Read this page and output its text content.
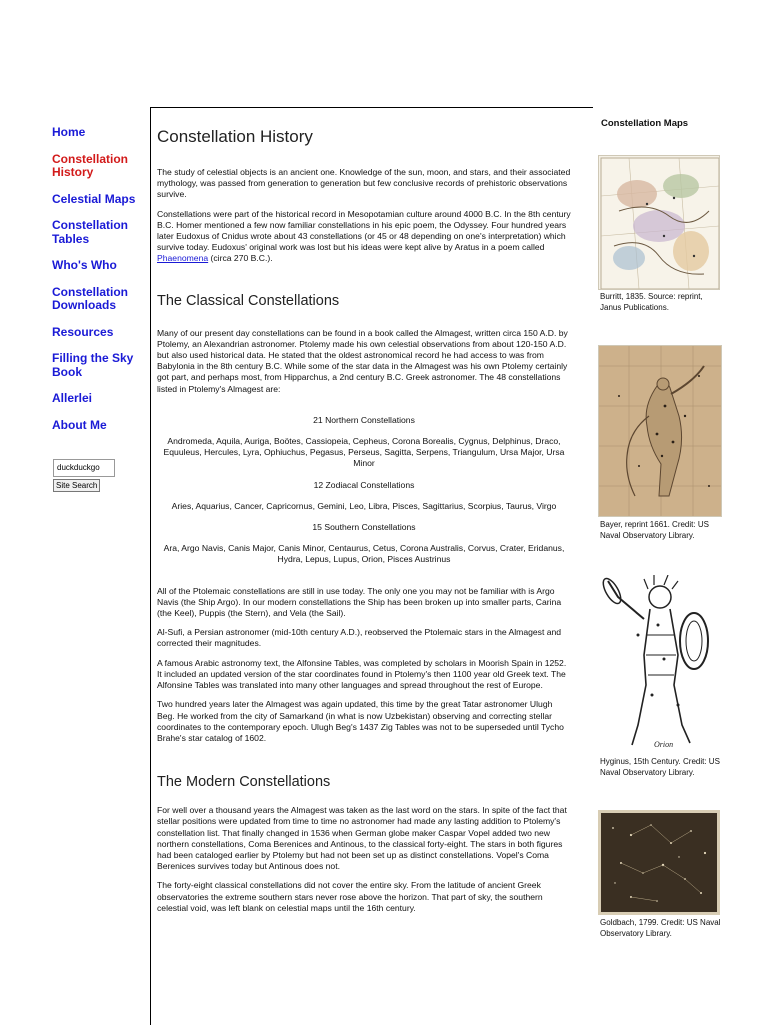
Home
Constellation History
Celestial Maps
Constellation Tables
Who's Who
Constellation Downloads
Resources
Filling the Sky Book
Allerlei
About Me
duckduckgo
Site Search
Constellation History

The study of celestial objects is an ancient one. Knowledge of the sun, moon, and stars, and their associated mythology, was passed from generation to generation but few conclusive records of prehistoric observations survive.

Constellations were part of the historical record in Mesopotamian culture around 4000 B.C. In the 8th century B.C. Homer mentioned a few now familiar constellations in his epic poem, the Odyssey. Four hundred years later Eudoxus of Cnidus wrote about 43 constellations (or 45 or 48 depending on one's interpretation) which survive today. Eudoxus' original work was lost but his ideas were kept alive by Aratus in a poem called Phaenomena (circa 270 B.C.).

The Classical Constellations

Many of our present day constellations can be found in a book called the Almagest, written circa 150 A.D. by Ptolemy, an Alexandrian astronomer. Ptolemy made his own celestial observations from about 120-150 A.D. but also used historical data. He stated that the oldest astronomical record he had access to was from Babylonia in the 8th century B.C. While some of the star data in the Almagest was his own Ptolemy certainly got part, and perhaps most, from Hipparchus, a 2nd century B.C. Greek astronomer. The 48 constellations listed in Ptolemy's Almagest are:

21 Northern Constellations

Andromeda, Aquila, Auriga, Boötes, Cassiopeia, Cepheus, Corona Borealis, Cygnus, Delphinus, Draco, Equuleus, Hercules, Lyra, Ophiuchus, Pegasus, Perseus, Sagitta, Serpens, Triangulum, Ursa Major, Ursa Minor

12 Zodiacal Constellations

Aries, Aquarius, Cancer, Capricornus, Gemini, Leo, Libra, Pisces, Sagittarius, Scorpius, Taurus, Virgo

15 Southern Constellations

Ara, Argo Navis, Canis Major, Canis Minor, Centaurus, Cetus, Corona Australis, Corvus, Crater, Eridanus, Hydra, Lepus, Lupus, Orion, Pisces Austrinus

All of the Ptolemaic constellations are still in use today. The only one you may not be familiar with is Argo Navis (the Ship Argo). In our modern constellations the Ship has been broken up into smaller parts, Carina (the Keel), Puppis (the Stern), and Vela (the Sail).

Al-Sufi, a Persian astronomer (mid-10th century A.D.), reobserved the Ptolemaic stars in the Almagest and corrected their magnitudes.

A famous Arabic astronomy text, the Alfonsine Tables, was completed by scholars in Moorish Spain in 1252. It included an updated version of the star coordinates found in Ptolemy's then 1100 year old Greek text. The Alfonsine Tables was translated into many other languages and spread throughout the rest of Europe.

Two hundred years later the Almagest was again updated, this time by the great Tatar astronomer Ulugh Beg. He worked from the city of Samarkand (in what is now Uzbekistan) observing and correcting stellar coordinates to the contemporary epoch. Ulugh Beg's 1437 Zig Tables was not to be superseded until Tycho Brahe's star catalog of 1602.

The Modern Constellations

For well over a thousand years the Almagest was taken as the last word on the stars. In spite of the fact that stellar positions were updated from time to time no astronomer had made any lasting addition to Ptolemy's constellation list. That finally changed in 1536 when German globe maker Caspar Vopel added two new northern constellations, Coma Berenices and Antinous, to the classical forty-eight. The stars in both figures had been cataloged earlier by Ptolemy but had not been set up as distinct constellations. Vopel's Coma Berenices survives today but Antinous does not.

The forty-eight classical constellations did not cover the entire sky. From the latitude of ancient Greek observatories the extreme southern stars never rose above the horizon. That part of sky, the southern celestial void, was left blank on celestial maps until the 16th century.

Constellation Maps
Burritt, 1835. Source: reprint, Janus Publications.
Bayer, reprint 1661. Credit: US Naval Observatory Library.
Orion
Hyginus, 15th Century. Credit: US Naval Observatory Library.
Goldbach, 1799. Credit: US Naval Observatory Library.
